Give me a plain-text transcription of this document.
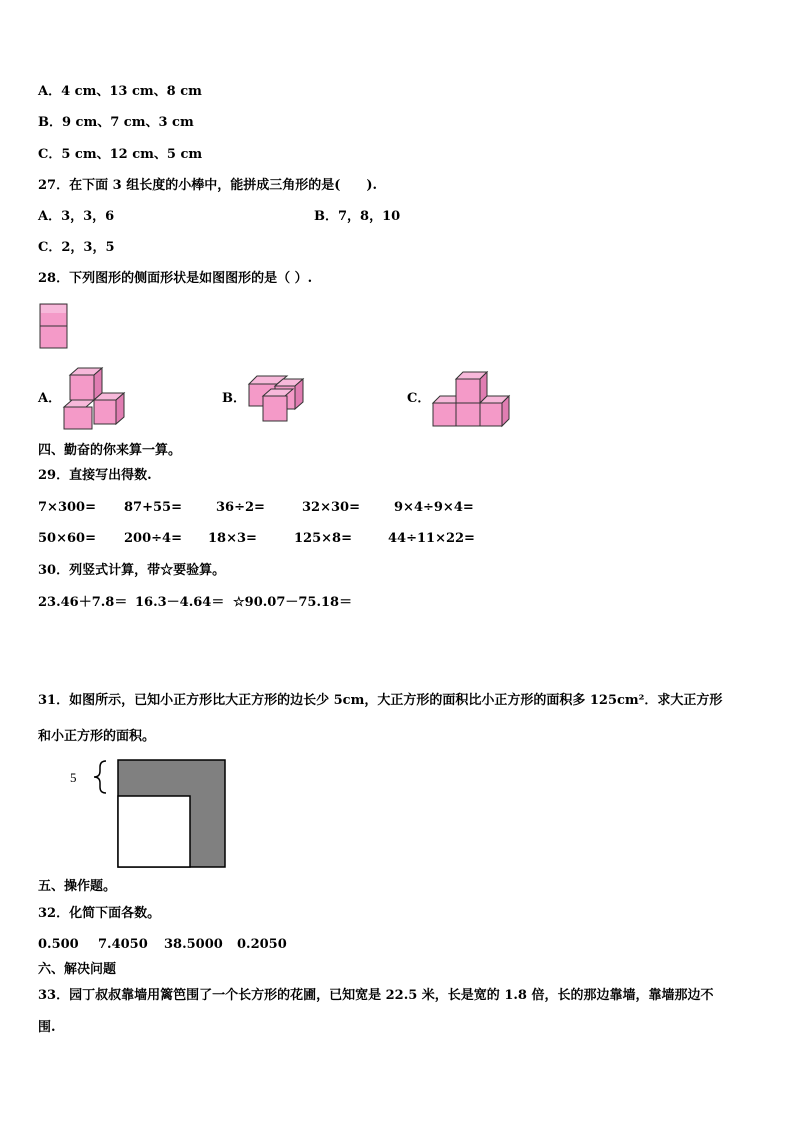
A．4 cm、13 cm、8 cm
B．9 cm、7 cm、3 cm
C．5 cm、12 cm、5 cm
27．在下面 3 组长度的小棒中，能拼成三角形的是(　　).
A．3，3，6	B．7，8，10
C．2，3，5
28．下列图形的侧面形状是如图图形的是（ ）.
A．	B．	C．
四、勤奋的你来算一算。
29．直接写出得数.
7×300= 87+55=	36÷2=	32×30=	9×4÷9×4=
50×60= 200÷4= 18×3=	125×8=	44÷11×22=
30．列竖式计算，带☆要验算。
23.46＋7.8＝ 16.3－4.64＝ ☆90.07－75.18＝
31．如图所示，已知小正方形比大正方形的边长少 5cm，大正方形的面积比小正方形的面积多 125cm²．求大正方形
和小正方形的面积。
5
五、操作题。
32．化简下面各数。
0.500 7.4050 38.5000 0.2050
六、解决问题
33．园丁叔叔靠墙用篱笆围了一个长方形的花圃，已知宽是 22.5 米，长是宽的 1.8 倍，长的那边靠墙，靠墙那边不
围.
